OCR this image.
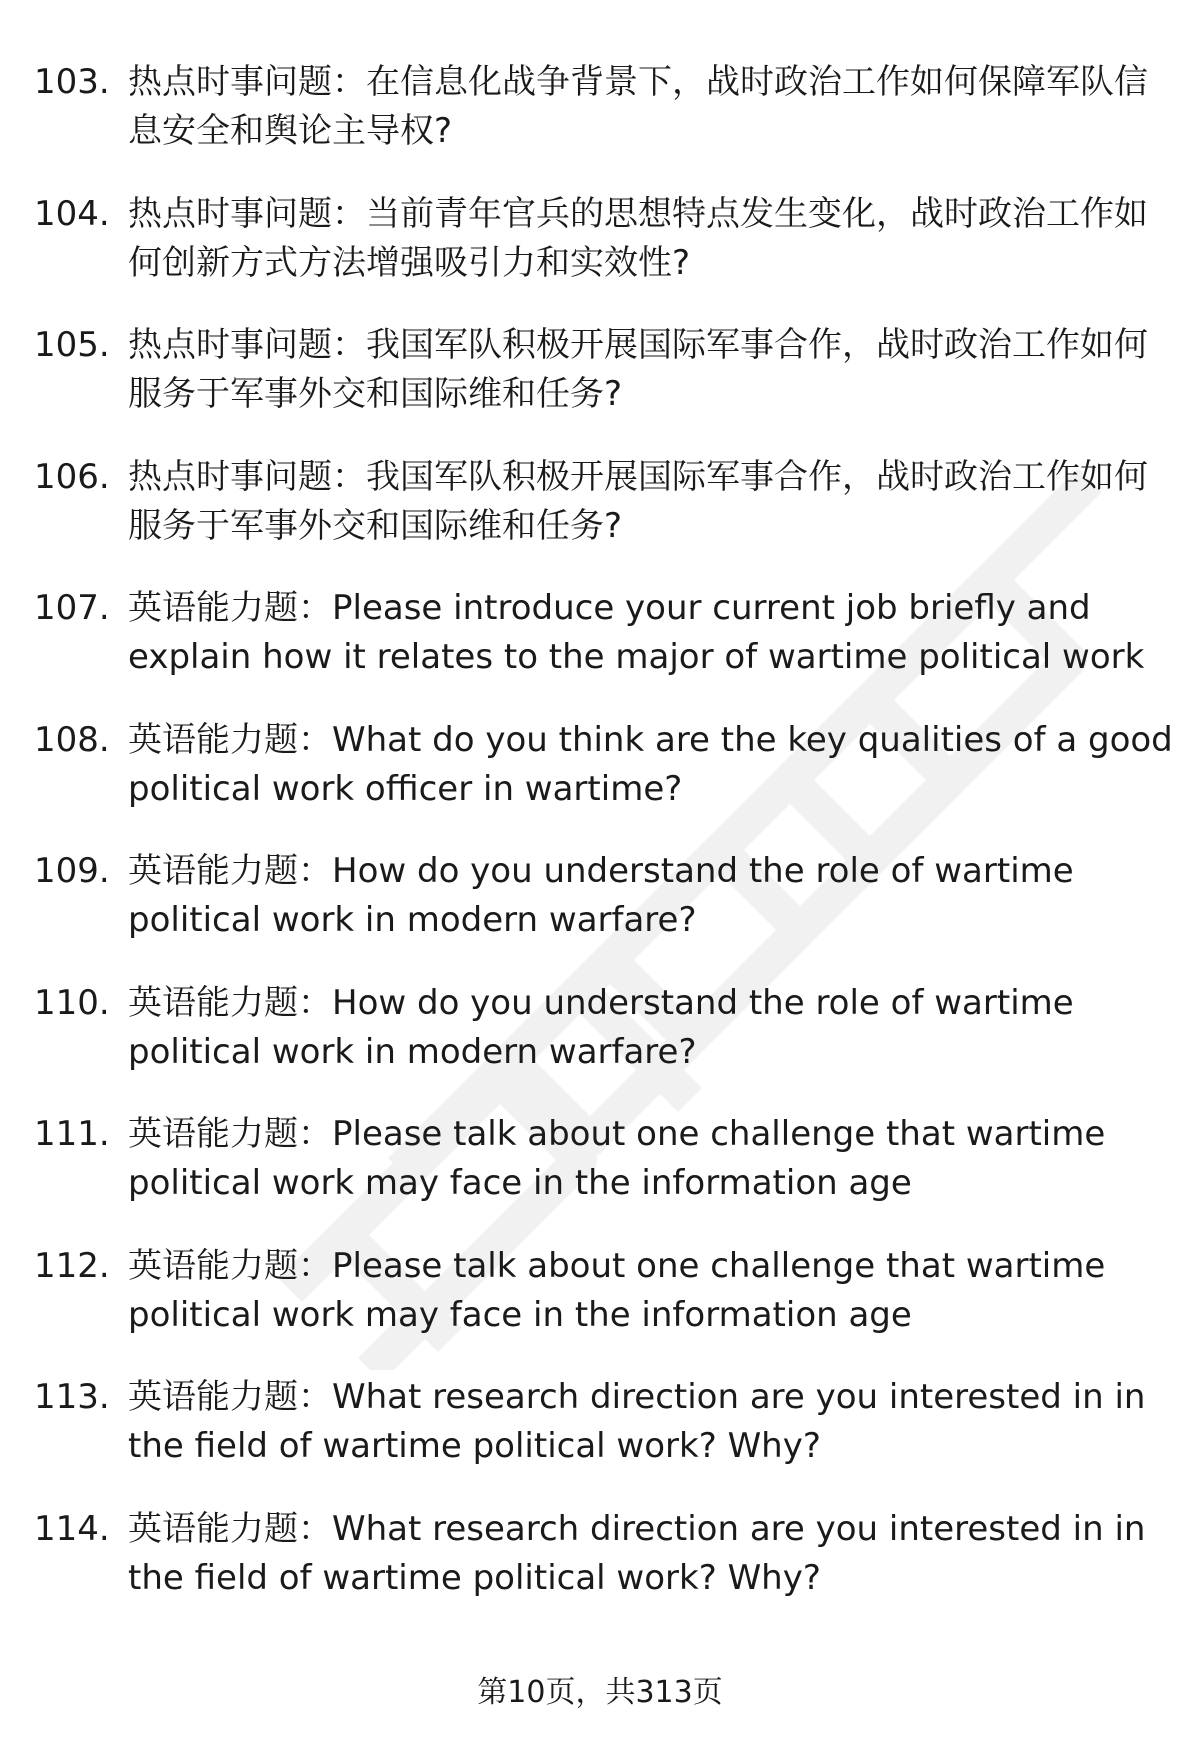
103. 热点时事问题：在信息化战争背景下，战时政治工作如何保障军队信息安全和舆论主导权?
104. 热点时事问题：当前青年官兵的思想特点发生变化，战时政治工作如何创新方式方法增强吸引力和实效性?
105. 热点时事问题：我国军队积极开展国际军事合作，战时政治工作如何服务于军事外交和国际维和任务?
106. 热点时事问题：我国军队积极开展国际军事合作，战时政治工作如何服务于军事外交和国际维和任务?
107. 英语能力题：Please introduce your current job briefly and explain how it relates to the major of wartime political work
108. 英语能力题：What do you think are the key qualities of a good political work officer in wartime?
109. 英语能力题：How do you understand the role of wartime political work in modern warfare?
110. 英语能力题：How do you understand the role of wartime political work in modern warfare?
111. 英语能力题：Please talk about one challenge that wartime political work may face in the information age
112. 英语能力题：Please talk about one challenge that wartime political work may face in the information age
113. 英语能力题：What research direction are you interested in in the field of wartime political work? Why?
114. 英语能力题：What research direction are you interested in in the field of wartime political work? Why?
第10页，共313页
